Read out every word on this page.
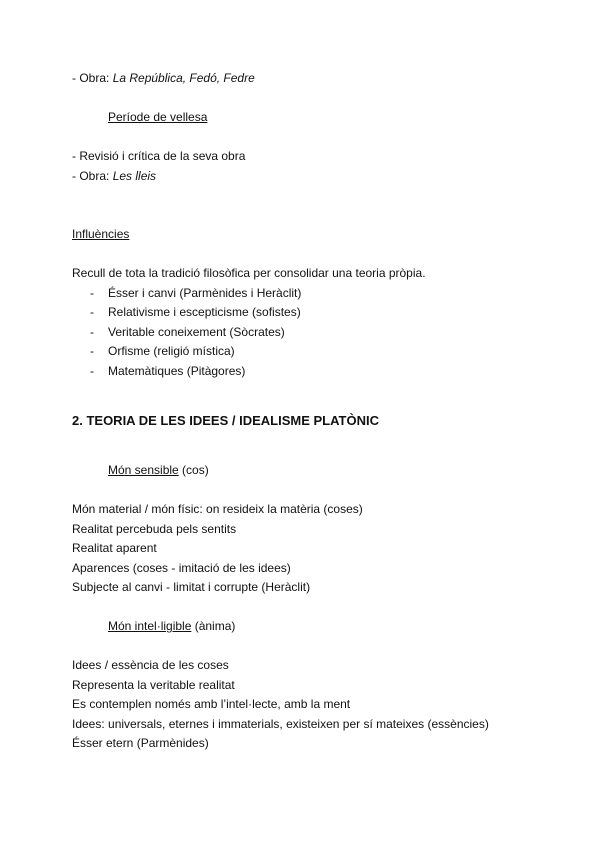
- Obra: La República, Fedó, Fedre
Període de vellesa
- Revisió i crítica de la seva obra
- Obra: Les lleis
Influències
Recull de tota la tradició filosòfica per consolidar una teoria pròpia.
- Ésser i canvi (Parmènides i Heràclit)
- Relativisme i escepticisme (sofistes)
- Veritable coneixement (Sòcrates)
- Orfisme (religió mística)
- Matemàtiques (Pitàgores)
2. TEORIA DE LES IDEES / IDEALISME PLATÒNIC
Món sensible (cos)
Món material / món físic: on resideix la matèria (coses)
Realitat percebuda pels sentits
Realitat aparent
Aparences (coses - imitació de les idees)
Subjecte al canvi - limitat i corrupte (Heràclit)
Món intel·ligible (ànima)
Idees / essència de les coses
Representa la veritable realitat
Es contemplen només amb l’intel·lecte, amb la ment
Idees: universals, eternes i immaterials, existeixen per sí mateixes (essències)
Ésser etern (Parmènides)
